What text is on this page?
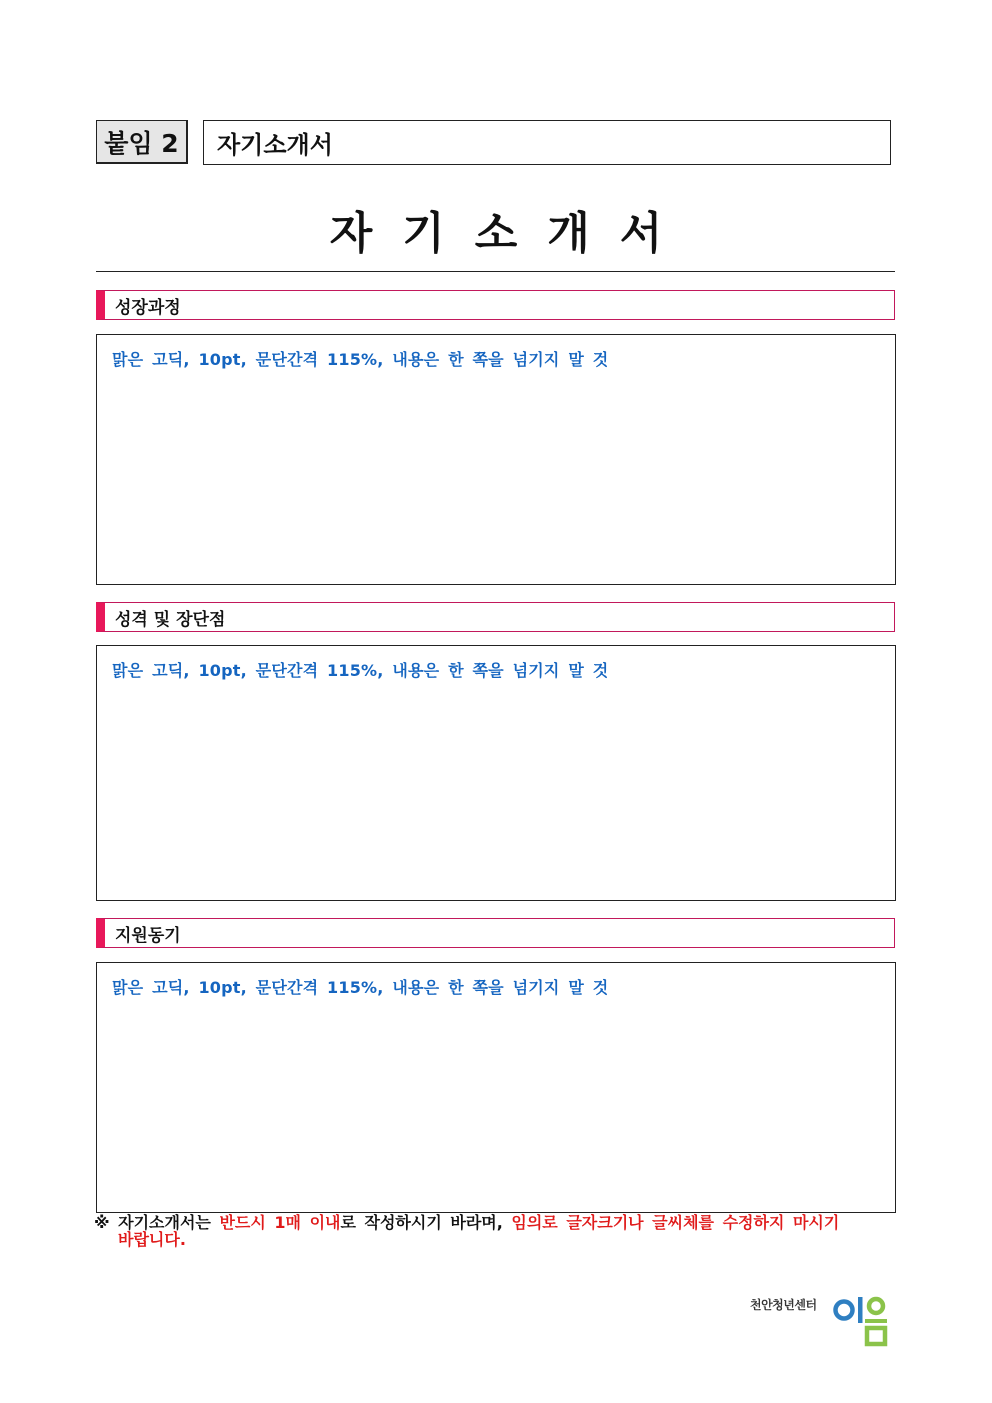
붙임 2	자기소개서
자기소개서
성장과정
맑은 고딕, 10pt, 문단간격 115%, 내용은 한 쪽을 넘기지 말 것
성격 및 장단점
맑은 고딕, 10pt, 문단간격 115%, 내용은 한 쪽을 넘기지 말 것
지원동기
맑은 고딕, 10pt, 문단간격 115%, 내용은 한 쪽을 넘기지 말 것
※ 자기소개서는 반드시 1매 이내로 작성하시기 바라며, 임의로 글자크기나 글씨체를 수정하지 마시기
바랍니다.
천안청년센터
